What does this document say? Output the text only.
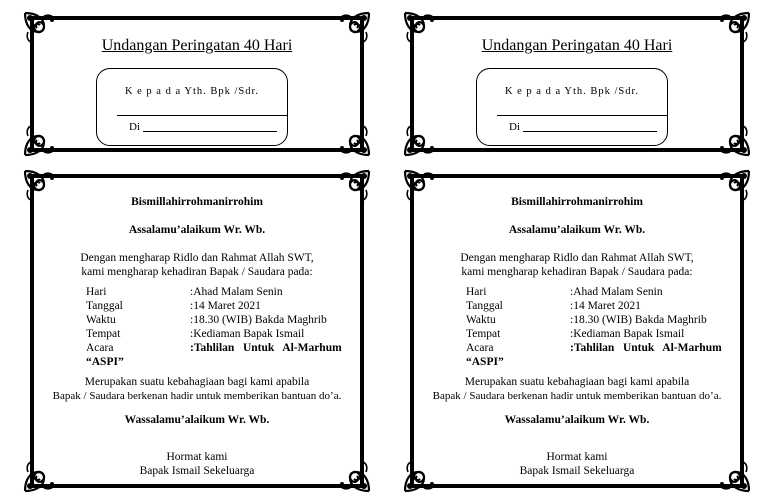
Undangan Peringatan 40 Hari
K e p a d a Yth. Bpk /Sdr.
Di
Undangan Peringatan 40 Hari
K e p a d a Yth. Bpk /Sdr.
Di
Bismillahirrohmanirrohim
Assalamu’alaikum Wr. Wb.
Dengan mengharap Ridlo dan Rahmat Allah SWT,
kami mengharap kehadiran Bapak / Saudara pada:
Hari	:Ahad Malam Senin
Tanggal	:14 Maret 2021
Waktu	:18.30 (WIB) Bakda Maghrib
Tempat	:Kediaman Bapak Ismail
Acara	:Tahlilan   Untuk   Al-Marhum
“ASPI”
Merupakan suatu kebahagiaan bagi kami apabila
Bapak / Saudara berkenan hadir untuk memberikan bantuan do’a.
Wassalamu’alaikum Wr. Wb.
Hormat kami
Bapak Ismail Sekeluarga
Bismillahirrohmanirrohim
Assalamu’alaikum Wr. Wb.
Dengan mengharap Ridlo dan Rahmat Allah SWT,
kami mengharap kehadiran Bapak / Saudara pada:
Hari	:Ahad Malam Senin
Tanggal	:14 Maret 2021
Waktu	:18.30 (WIB) Bakda Maghrib
Tempat	:Kediaman Bapak Ismail
Acara	:Tahlilan   Untuk   Al-Marhum
“ASPI”
Merupakan suatu kebahagiaan bagi kami apabila
Bapak / Saudara berkenan hadir untuk memberikan bantuan do’a.
Wassalamu’alaikum Wr. Wb.
Hormat kami
Bapak Ismail Sekeluarga
